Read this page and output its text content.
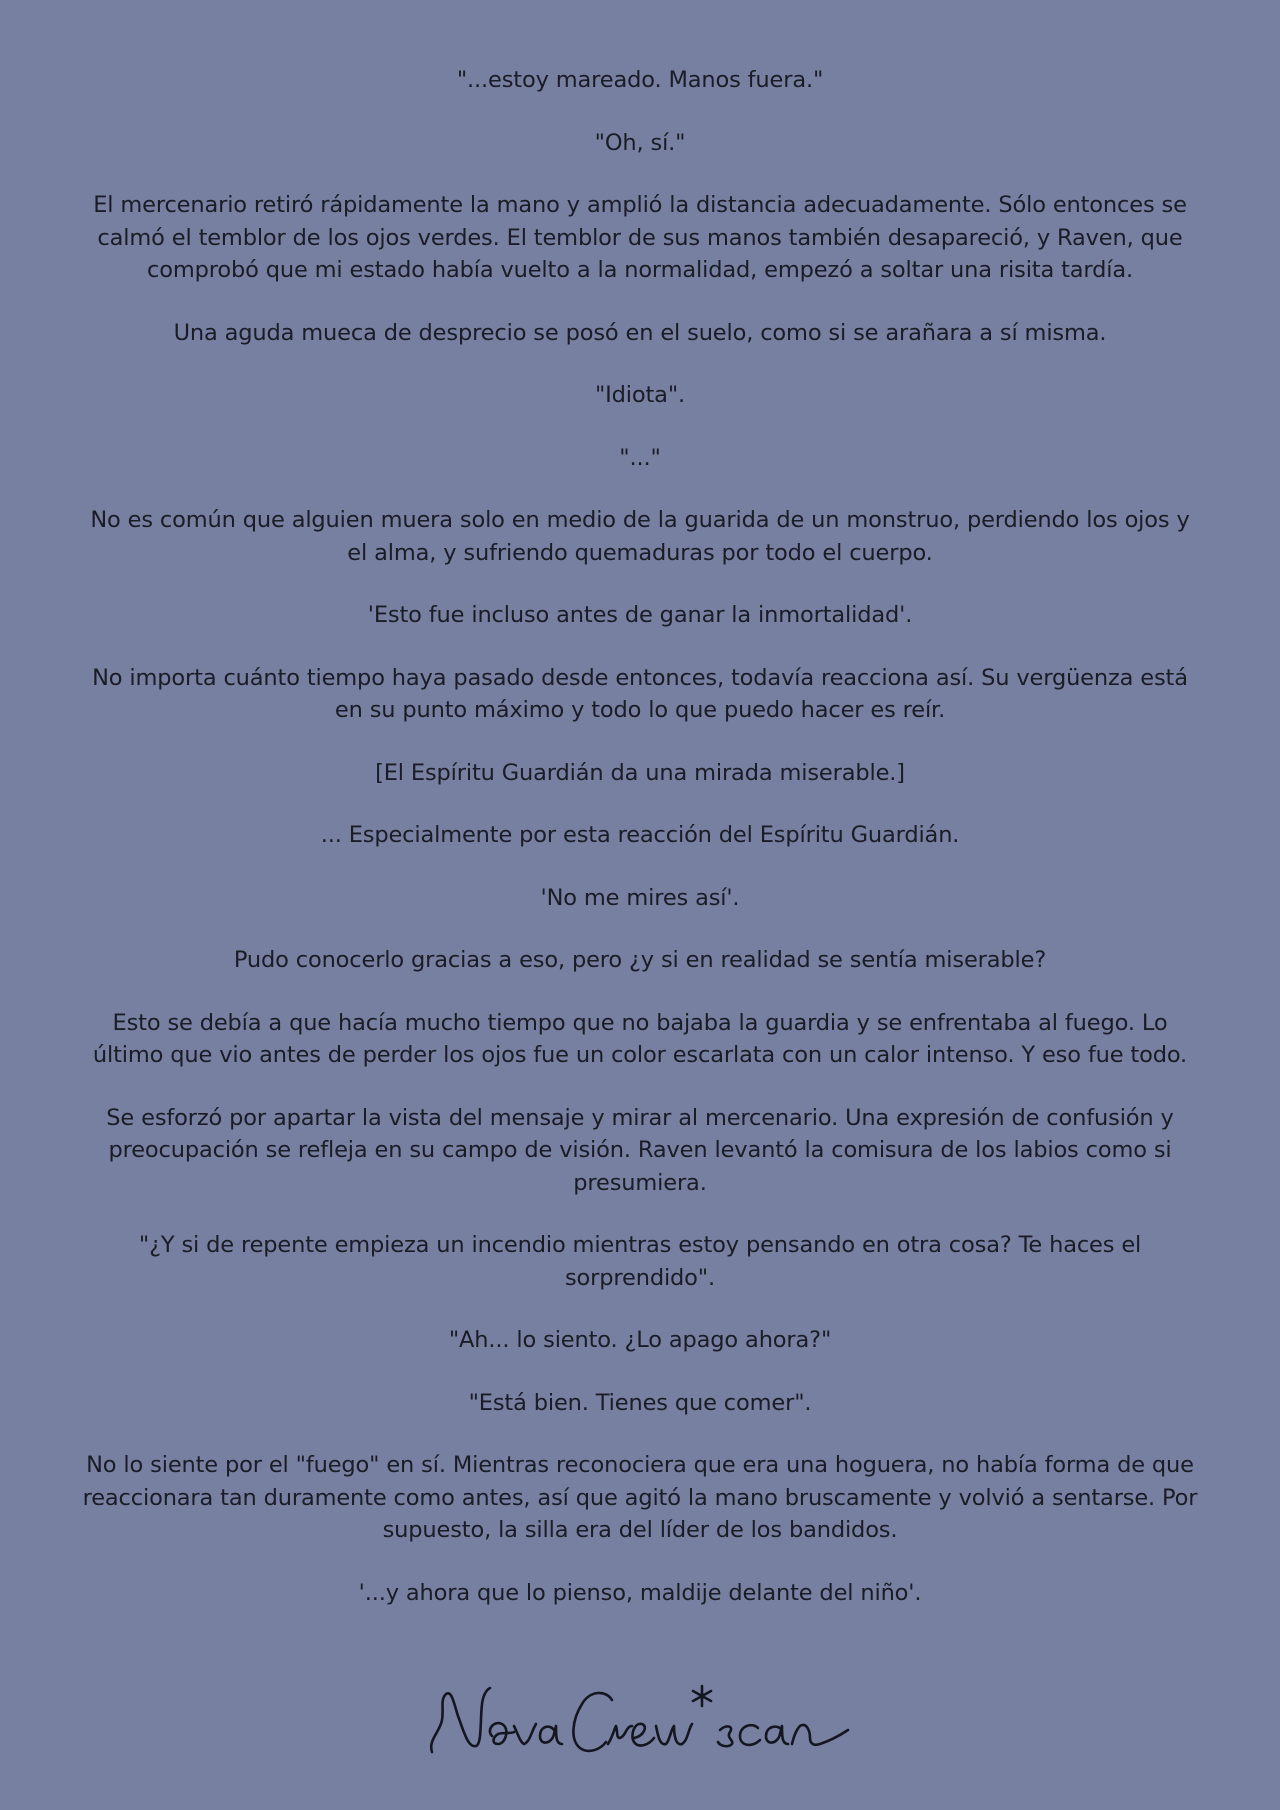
"...estoy mareado. Manos fuera."

"Oh, sí."

El mercenario retiró rápidamente la mano y amplió la distancia adecuadamente. Sólo entonces se calmó el temblor de los ojos verdes. El temblor de sus manos también desapareció, y Raven, que comprobó que mi estado había vuelto a la normalidad, empezó a soltar una risita tardía.

Una aguda mueca de desprecio se posó en el suelo, como si se arañara a sí misma.

"Idiota".

"..."

No es común que alguien muera solo en medio de la guarida de un monstruo, perdiendo los ojos y el alma, y sufriendo quemaduras por todo el cuerpo.

'Esto fue incluso antes de ganar la inmortalidad'.

No importa cuánto tiempo haya pasado desde entonces, todavía reacciona así. Su vergüenza está en su punto máximo y todo lo que puedo hacer es reír.

[El Espíritu Guardián da una mirada miserable.]

... Especialmente por esta reacción del Espíritu Guardián.

'No me mires así'.

Pudo conocerlo gracias a eso, pero ¿y si en realidad se sentía miserable?

Esto se debía a que hacía mucho tiempo que no bajaba la guardia y se enfrentaba al fuego. Lo último que vio antes de perder los ojos fue un color escarlata con un calor intenso. Y eso fue todo.

Se esforzó por apartar la vista del mensaje y mirar al mercenario. Una expresión de confusión y preocupación se refleja en su campo de visión. Raven levantó la comisura de los labios como si presumiera.

"¿Y si de repente empieza un incendio mientras estoy pensando en otra cosa? Te haces el sorprendido".

"Ah... lo siento. ¿Lo apago ahora?"

"Está bien. Tienes que comer".

No lo siente por el "fuego" en sí. Mientras reconociera que era una hoguera, no había forma de que reaccionara tan duramente como antes, así que agitó la mano bruscamente y volvió a sentarse. Por supuesto, la silla era del líder de los bandidos.

'...y ahora que lo pienso, maldije delante del niño'.
